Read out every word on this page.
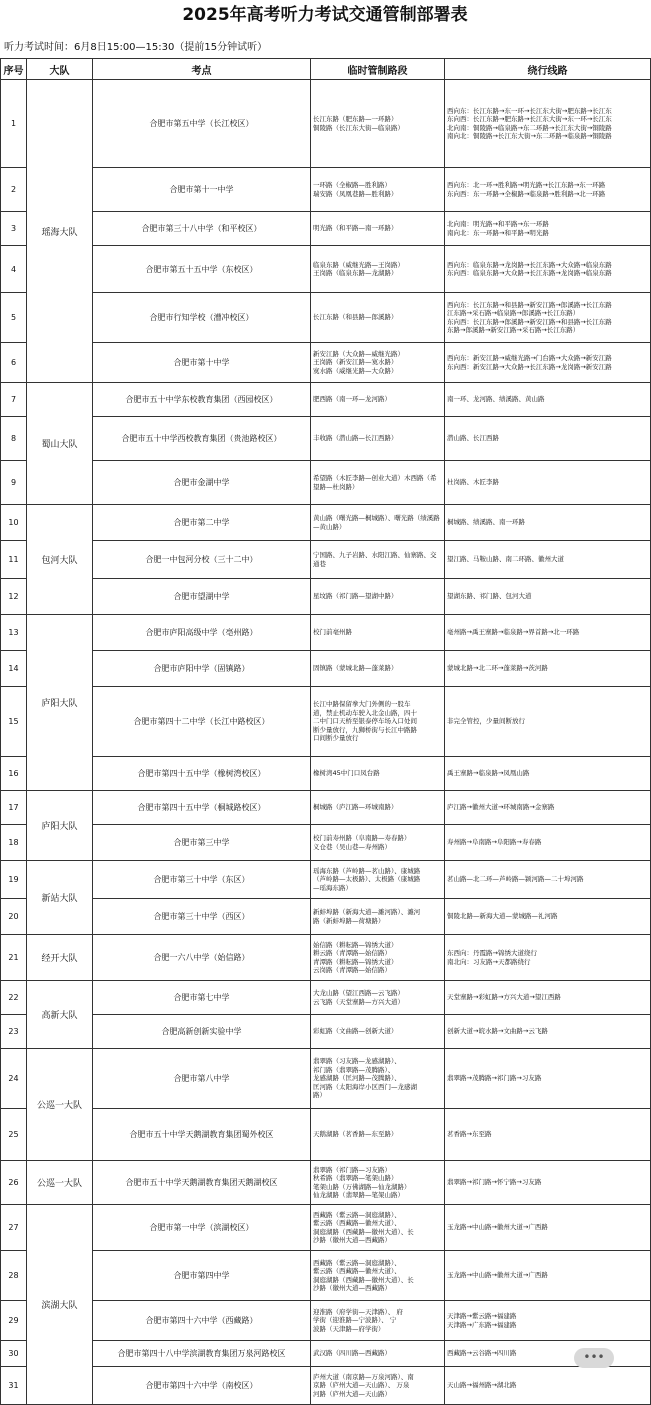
2025年高考听力考试交通管制部署表
听力考试时间：6月8日15:00—15:30（提前15分钟试听）
序号	大队	考点	临时管制路段	绕行线路
1	瑶海大队	合肥市第五中学（长江校区）	长江东路（肥东路—一环路）
铜陵路（长江东大街—临泉路）	西向东：长江东路→东一环→长江东大街→肥东路→长江东
东向西：长江东路→肥东路→长江东大街→东一环→长江东
北向南：铜陵路→临泉路→东二环路→长江东大街→铜陵路
南向北：铜陵路→长江东大街→东二环路→临泉路→铜陵路
2		合肥市第十一中学	一环路（全椒路—胜利路）
瑞安路（凤凰巷路—胜利路）	西向东：北一环→胜利路→明光路→长江东路→东一环路
东向西：东一环路→全椒路→临泉路→胜利路→北一环路
3		合肥市第三十八中学（和平校区）	明光路（和平路—南一环路）	北向南：明光路→和平路→东一环路
南向北：东一环路→和平路→明光路
4		合肥市第五十五中学（东校区）	临泉东路（威继光路—王岗路）
王岗路（临泉东路—龙湖路）	西向东：临泉东路→龙岗路→长江东路→大众路→临泉东路
东向西：临泉东路→大众路→长江东路→龙岗路→临泉东路
5		合肥市行知学校（漕冲校区）	长江东路（和县路—郎溪路）	西向东：长江东路→和县路→新安江路→郎溪路→长江东路
江东路→采石路→临泉路→郎溪路→长江东路）
东向西：长江东路→郎溪路→新安江路→和县路→长江东路
东路→郎溪路→新安江路→采石路→长江东路）
6		合肥市第十中学	新安江路（大众路—威继光路）
王岗路（新安江路—寞水路）
寞水路（威继光路—大众路）	西向东：新安江路→威继光路→门台路→大众路→新安江路
东向西：新安江路→大众路→长江东路→龙岗路→新安江路
7	蜀山大队	合肥市五十中学东校教育集团（西园校区）	肥西路（南一环—龙河路）	南一环、龙河路、绩溪路、黄山路
8		合肥市五十中学西校教育集团（贵池路校区）	丰收路（潜山路—长江西路）	潜山路、长江西路
9		合肥市金湖中学	希望路（木匠李路—创业大道）木西路（希望路—杜岗路）	杜岗路、木匠李路
10	包河大队	合肥市第二中学	黄山路（曙光路—桐城路）、曙光路（绩溪路—黄山路）	桐城路、绩溪路、南一环路
11		合肥一中包河分校（三十二中）	宁国路、九子岩路、水阳江路、仙寨路、交通巷	望江路、马鞍山路、南二环路、徽州大道
12		合肥市望湖中学	星坟路（祁门路—望湖中路）	望湖东路、祁门路、包河大道
13	庐阳大队	合肥市庐阳高级中学（亳州路）	校门前亳州路	亳州路→禹王寨路→临泉路→界首路→北一环路
14		合肥市庐阳中学（固镇路）	固镇路（蒙城北路—蓬莱路）	蒙城北路→北二环→蓬莱路→茨河路
15		合肥市第四十二中学（长江中路校区）	长江中路保留拳大门外侧的一股车
道，禁止机动车驶入北金山路，四十
二中门口天桥至银泰停车场入口处间
断少量放行，九狮桥街与长江中路路
口间断少量放行	非完全管控，少量间断放行
16		合肥市第四十五中学（橡树湾校区）	橡树湾45中门口凤台路	禹王寨路→临泉路→凤凰山路
17	庐阳大队	合肥市第四十五中学（桐城路校区）	桐城路（庐江路—环城南路）	庐江路→徽州大道→环城南路→金寨路
18		合肥市第三中学	校门前寿州路（阜南路—寿春路）
义仓巷（吴山巷—寿州路）	寿州路→阜南路→阜阳路→寿春路
19	新站大队	合肥市第三十中学（东区）	瑶海东路（芦岭路—茗山路）、康城路
（芦岭路—太极路）、太极路（康城路
—瑶海东路）	茗山路—北二环—芦岭路—颍河路—二十埠河路
20		合肥市第三十中学（西区）	新蚌埠路（新海大道—濉河路）、濉河
路（新蚌埠路—荷塘路）	铜陵北路—新海大道—蒙城路—礼河路
21	经开大队	合肥一六八中学（始信路）	始信路（耕耘路—锦绣大道）
耕云路（青潭路—始信路）
青潭路（耕耘路—锦绣大道）
云岗路（青潭路—始信路）	东西向：丹霞路→锦绣大道绕行
南北向：习友路→天都路绕行
22	高新大队	合肥市第七中学	大龙山路（望江西路—云飞路）
云飞路（天堂寨路—方兴大道）	天堂寨路→彩虹路→方兴大道→望江西路
23		合肥高新创新实验中学	彩虹路（文曲路—创新大道）	创新大道→皖水路→文曲路→云飞路
24	公巡一大队	合肥市第八中学	翡翠路（习友路—龙感湖路）、
祁门路（翡翠路—茂腾路）、
龙感湖路（匡河路—茂腾路）、
匡河路（太阳海岸小区西门—龙感湖
路）	翡翠路→茂腾路→祁门路→习友路
25		合肥市五十中学天鹅湖教育集团蜀外校区	天鹅湖路（茗香路—东至路）	茗香路→东至路
26	公巡一大队	合肥市五十中学天鹅湖教育集团天鹅湖校区	翡翠路（祁门路—习友路）
秋希路（翡翠路—笔架山路）
笔架山路（万佛湖路—仙龙湖路）
仙龙湖路（翡翠路—笔架山路）	翡翠路→祁门路→怀宁路→习友路
27	滨湖大队	合肥市第一中学（滨湖校区）	西藏路（紫云路—洞庭湖路）、
紫云路（西藏路—徽州大道）、
洞庭湖路（西藏路—徽州大道）、长
沙路（徽州大道—西藏路）	玉龙路→中山路→徽州大道→广西路
28		合肥市第四中学	西藏路（紫云路—洞庭湖路）、
紫云路（西藏路—徽州大道）、
洞庭湖路（西藏路—徽州大道）、长
沙路（徽州大道—西藏路）	玉龙路→中山路→徽州大道→广西路
29		合肥市第四十六中学（西藏路）	迎淮路（府学街—天津路）、 府
学街（迎淮路—宁波路）、 宁
波路（天津路—府学街）	天津路→紫云路→福建路
天津路→广东路→福建路
30		合肥市第四十八中学滨湖教育集团万泉河路校区	武汉路（四川路—西藏路）	西藏路→云谷路→四川路
31		合肥市第四十六中学（南校区）	庐州大道（南京路—万泉河路）、南
京路（庐州大道—天山路）、 万泉
河路（庐州大道—天山路）	天山路→福州路→湖北路
•••
